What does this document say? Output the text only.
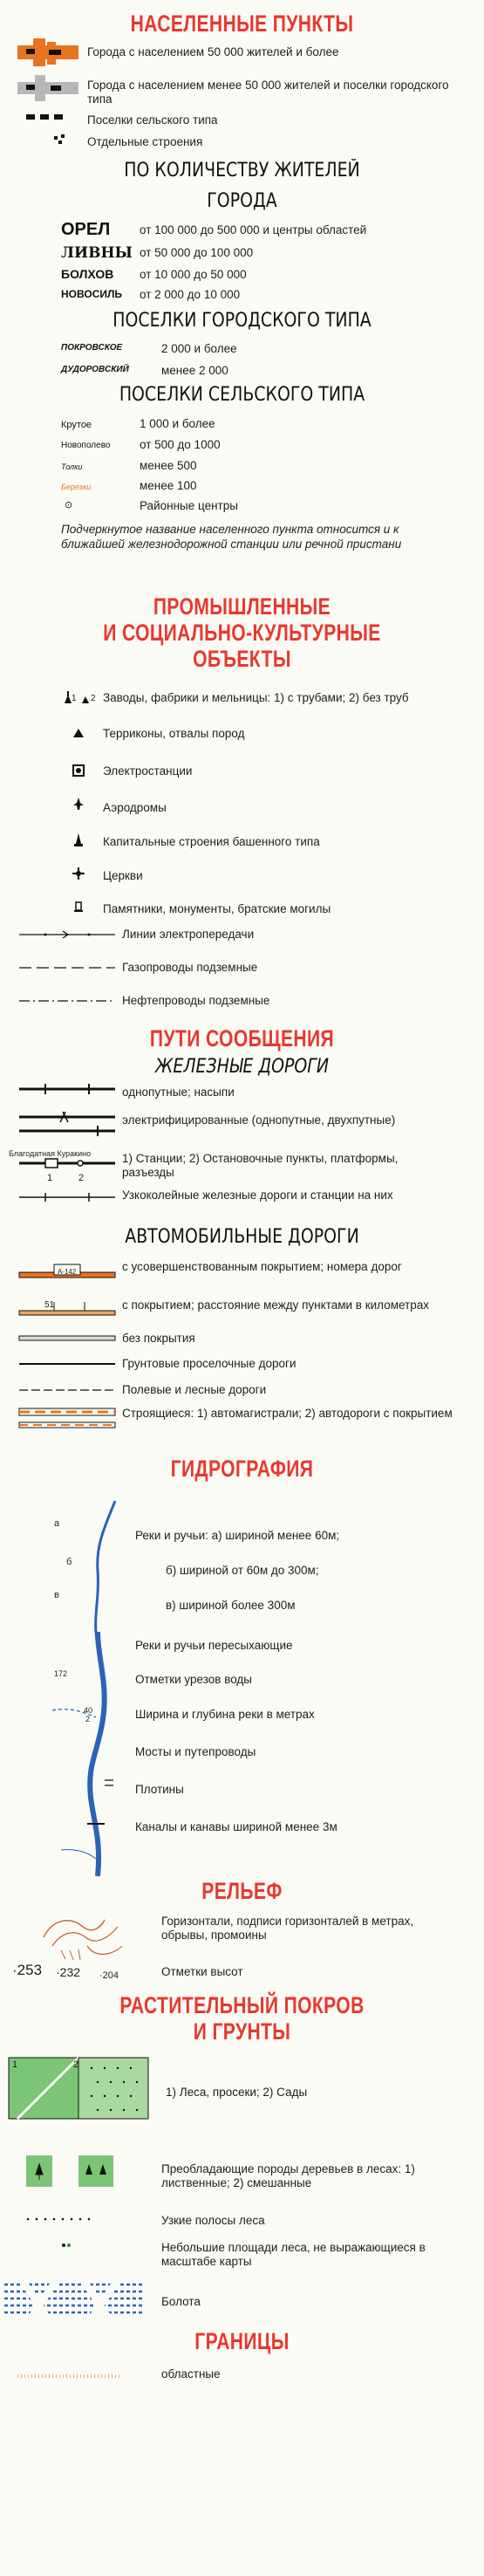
НАСЕЛЕННЫЕ ПУНКТЫ
Города с населением 50 000 жителей и более
Города с населением менее 50 000 жителей и поселки городского типа
Поселки сельского типа
Отдельные строения
ПО КОЛИЧЕСТВУ ЖИТЕЛЕЙ
ГОРОДА
ОРЕЛ от 100 000 до 500 000 и центры областей
ЛИВНЫ от 50 000 до 100 000
БОЛХОВ от 10 000 до 50 000
НОВОСИЛЬ от 2 000 до 10 000
ПОСЕЛКИ ГОРОДСКОГО ТИПА
ПОКРОВСКОЕ	2 000 и более
ДУДОРОВСКИЙ	менее 2 000
ПОСЕЛКИ СЕЛЬСКОГО ТИПА
Крутое	1 000 и более
Новополево от 500 до 1000
Толки	менее 500
Березки	менее 100
⊙	Районные центры
Подчеркнутое название населенного пункта относится и к ближайшей железнодорожной станции или речной пристани
ПРОМЫШЛЕННЫЕ
И СОЦИАЛЬНО-КУЛЬТУРНЫЕ
ОБЪЕКТЫ
1 2 Заводы, фабрики и мельницы: 1) с трубами; 2) без труб
Терриконы, отвалы пород
Электростанции
Аэродромы
Капитальные строения башенного типа
Церкви
Памятники, монументы, братские могилы
Линии электропередачи
Газопроводы подземные
Нефтепроводы подземные
ПУТИ СООБЩЕНИЯ
ЖЕЛЕЗНЫЕ ДОРОГИ
однопутные; насыпи
электрифицированные (однопутные, двухпутные)
Благодатная Куракино
1	2
1) Станции; 2) Остановочные пункты, платформы, разъезды
Узкоколейные железные дороги и станции на них
АВТОМОБИЛЬНЫЕ ДОРОГИ
A-142	с усовершенствованным покрытием; номера дорог
51	с покрытием; расстояние между пунктами в километрах
без покрытия
Грунтовые проселочные дороги
Полевые и лесные дороги
Строящиеся: 1) автомагистрали; 2) автодороги с покрытием
ГИДРОГРАФИЯ
а
б
в
172
40
2
Реки и ручьи: а) шириной менее 60м;
б) шириной от 60м до 300м;
в) шириной более 300м
Реки и ручьи пересыхающие
Отметки урезов воды
Ширина и глубина реки в метрах
Мосты и путепроводы
Плотины
Каналы и канавы шириной менее 3м
РЕЛЬЕФ
Горизонтали, подписи горизонталей в метрах, обрывы, промоины
·253 ·232 ·204	Отметки высот
РАСТИТЕЛЬНЫЙ ПОКРОВ
И ГРУНТЫ
1	2
1) Леса, просеки; 2) Сады
Преобладающие породы деревьев в лесах: 1) лиственные; 2) смешанные
Узкие полосы леса
Небольшие площади леса, не выражающиеся в масштабе карты
Болота
ГРАНИЦЫ
областные
